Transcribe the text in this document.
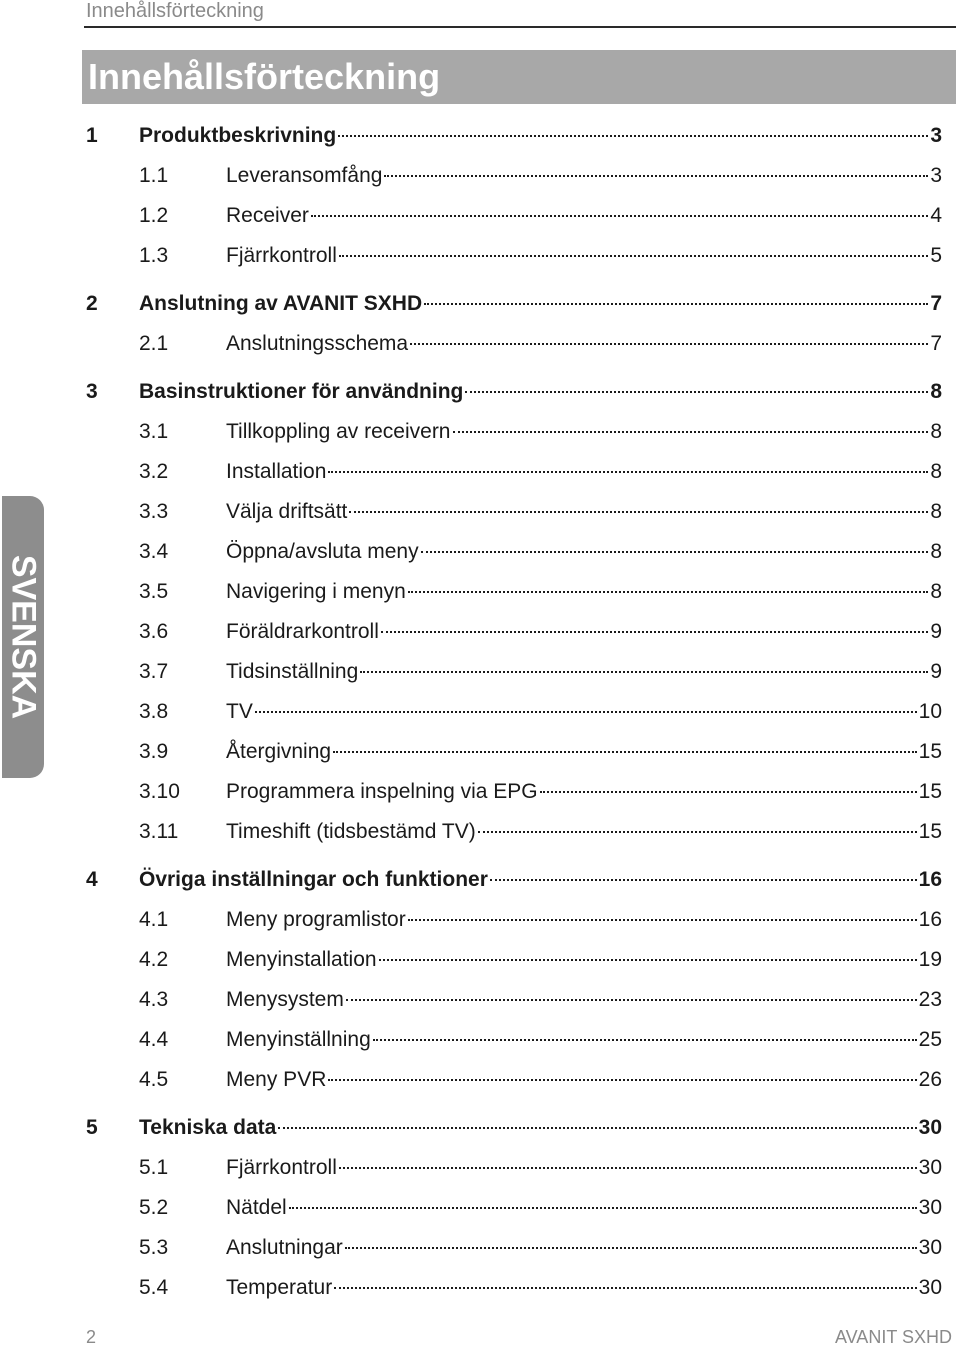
Innehållsförteckning
Innehållsförteckning
SVENSKA
1	Produktbeskrivning	3
1.1	Leveransomfång	3
1.2	Receiver	4
1.3	Fjärrkontroll	5
2	Anslutning av AVANIT SXHD	7
2.1	Anslutningsschema	7
3	Basinstruktioner för användning	8
3.1	Tillkoppling av receivern	8
3.2	Installation	8
3.3	Välja driftsätt	8
3.4	Öppna/avsluta meny	8
3.5	Navigering i menyn	8
3.6	Föräldrarkontroll	9
3.7	Tidsinställning	9
3.8	TV	10
3.9	Återgivning	15
3.10	Programmera inspelning via EPG	15
3.11	Timeshift (tidsbestämd TV)	15
4	Övriga inställningar och funktioner	16
4.1	Meny programlistor	16
4.2	Menyinstallation	19
4.3	Menysystem	23
4.4	Menyinställning	25
4.5	Meny PVR	26
5	Tekniska data	30
5.1	Fjärrkontroll	30
5.2	Nätdel	30
5.3	Anslutningar	30
5.4	Temperatur	30
2	AVANIT SXHD
